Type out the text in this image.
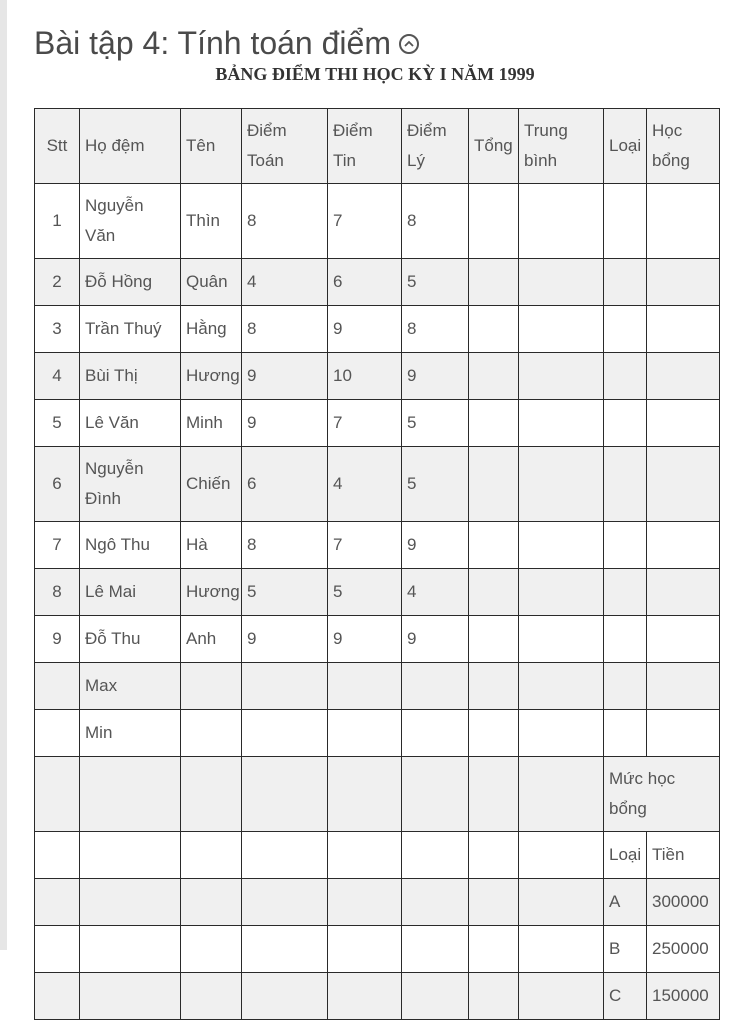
Bài tập 4: Tính toán điểm
BẢNG ĐIỂM THI HỌC KỲ I NĂM 1999
Stt	Họ đệm	Tên	Điểm Toán	Điểm Tin	Điểm Lý	Tổng	Trung bình	Loại	Học bổng
1	Nguyễn Văn	Thìn	8	7	8				
2	Đỗ Hồng	Quân	4	6	5				
3	Trần Thuý	Hằng	8	9	8				
4	Bùi Thị	Hương	9	10	9				
5	Lê Văn	Minh	9	7	5				
6	Nguyễn Đình	Chiến	6	4	5				
7	Ngô Thu	Hà	8	7	9				
8	Lê Mai	Hương	5	5	4				
9	Đỗ Thu	Anh	9	9	9				
	Max								
	Min								
								Mức học bổng	
								Loại	Tiền
								A	300000
								B	250000
								C	150000
